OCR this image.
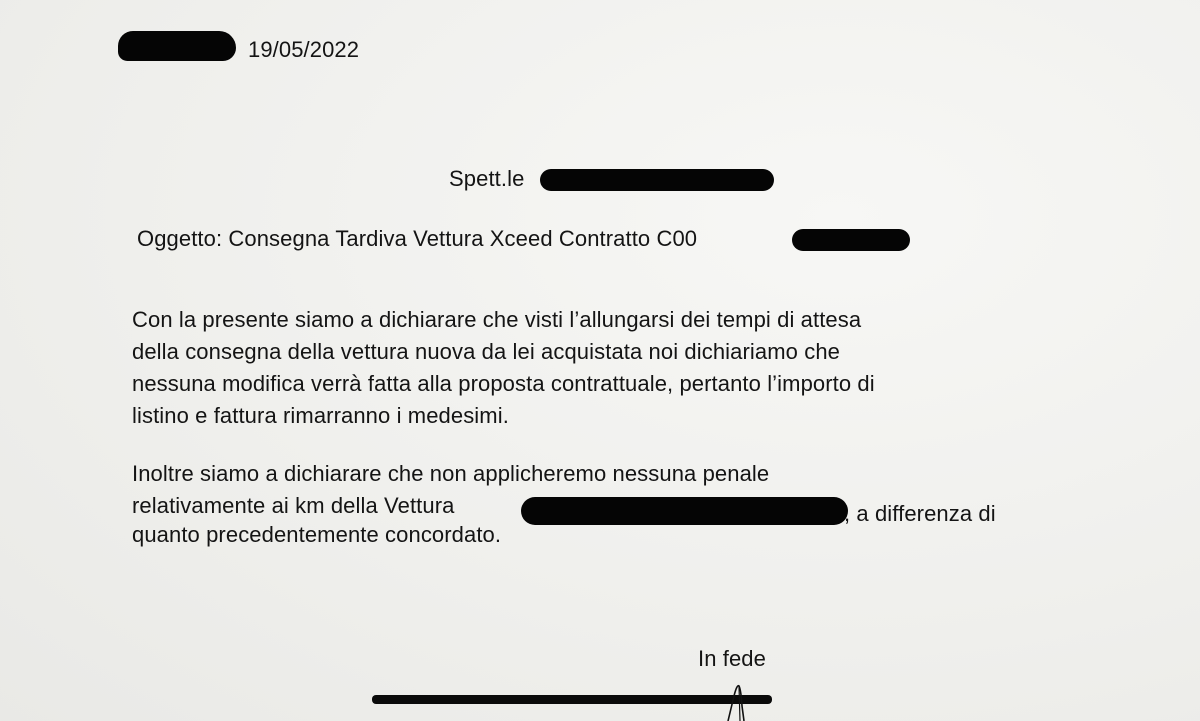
19/05/2022
Spett.le
Oggetto: Consegna Tardiva Vettura Xceed Contratto C00
Con la presente siamo a dichiarare che visti l’allungarsi dei tempi di attesa
della consegna della vettura nuova da lei acquistata noi dichiariamo che
nessuna modifica verrà fatta alla proposta contrattuale, pertanto l’importo di
listino e fattura rimarranno i medesimi.
Inoltre siamo a dichiarare che non applicheremo nessuna penale
relativamente ai km della Vettura	, a differenza di
quanto precedentemente concordato.
In fede
